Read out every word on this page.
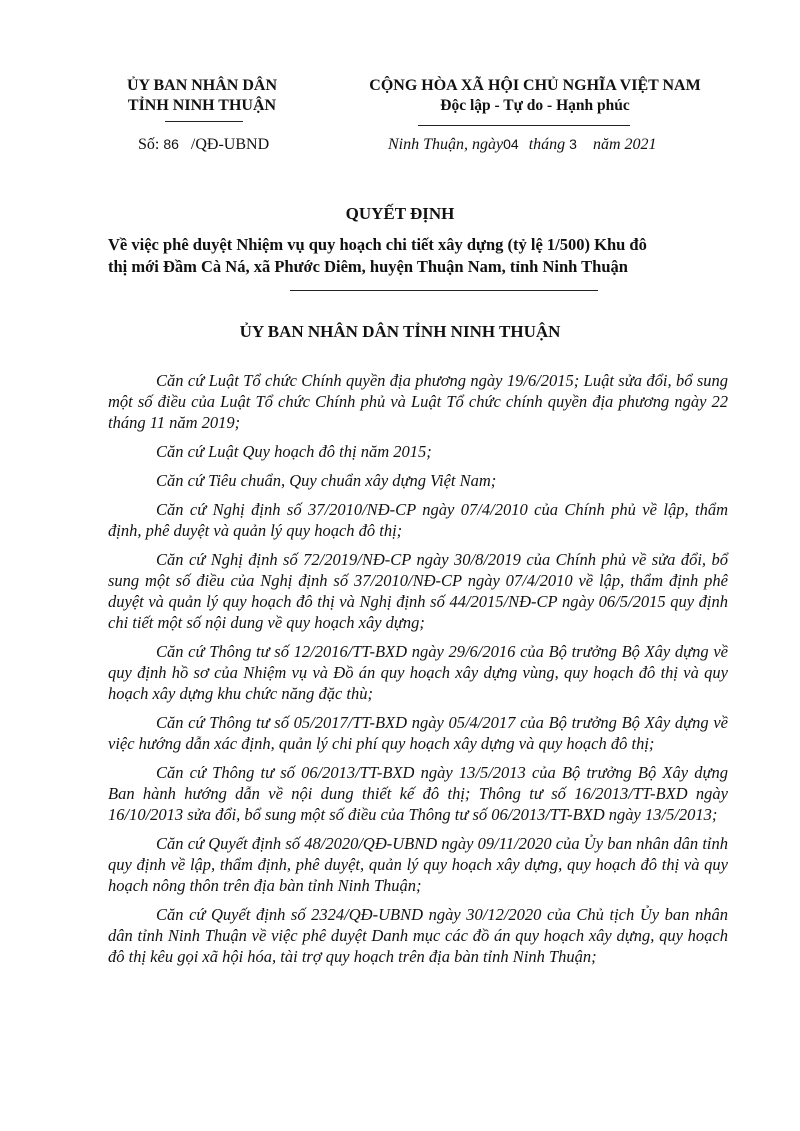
ỦY BAN NHÂN DÂN
TỈNH NINH THUẬN
CỘNG HÒA XÃ HỘI CHỦ NGHĨA VIỆT NAM
Độc lập - Tự do - Hạnh phúc
Số: 86 /QĐ-UBND	Ninh Thuận, ngày04 tháng 3 năm 2021
QUYẾT ĐỊNH
Về việc phê duyệt Nhiệm vụ quy hoạch chi tiết xây dựng (tỷ lệ 1/500) Khu đô
thị mới Đầm Cà Ná, xã Phước Diêm, huyện Thuận Nam, tỉnh Ninh Thuận
ỦY BAN NHÂN DÂN TỈNH NINH THUẬN

Căn cứ Luật Tổ chức Chính quyền địa phương ngày 19/6/2015; Luật sửa đổi, bổ sung một số điều của Luật Tổ chức Chính phủ và Luật Tổ chức chính quyền địa phương ngày 22 tháng 11 năm 2019;

Căn cứ Luật Quy hoạch đô thị năm 2015;

Căn cứ Tiêu chuẩn, Quy chuẩn xây dựng Việt Nam;

Căn cứ Nghị định số 37/2010/NĐ-CP ngày 07/4/2010 của Chính phủ về lập, thẩm định, phê duyệt và quản lý quy hoạch đô thị;

Căn cứ Nghị định số 72/2019/NĐ-CP ngày 30/8/2019 của Chính phủ về sửa đổi, bổ sung một số điều của Nghị định số 37/2010/NĐ-CP ngày 07/4/2010 về lập, thẩm định phê duyệt và quản lý quy hoạch đô thị và Nghị định số 44/2015/NĐ-CP ngày 06/5/2015 quy định chi tiết một số nội dung về quy hoạch xây dựng;

Căn cứ Thông tư số 12/2016/TT-BXD ngày 29/6/2016 của Bộ trưởng Bộ Xây dựng về quy định hồ sơ của Nhiệm vụ và Đồ án quy hoạch xây dựng vùng, quy hoạch đô thị và quy hoạch xây dựng khu chức năng đặc thù;

Căn cứ Thông tư số 05/2017/TT-BXD ngày 05/4/2017 của Bộ trưởng Bộ Xây dựng về việc hướng dẫn xác định, quản lý chi phí quy hoạch xây dựng và quy hoạch đô thị;

Căn cứ Thông tư số 06/2013/TT-BXD ngày 13/5/2013 của Bộ trưởng Bộ Xây dựng Ban hành hướng dẫn về nội dung thiết kế đô thị; Thông tư số 16/2013/TT-BXD ngày 16/10/2013 sửa đổi, bổ sung một số điều của Thông tư số 06/2013/TT-BXD ngày 13/5/2013;

Căn cứ Quyết định số 48/2020/QĐ-UBND ngày 09/11/2020 của Ủy ban nhân dân tỉnh quy định về lập, thẩm định, phê duyệt, quản lý quy hoạch xây dựng, quy hoạch đô thị và quy hoạch nông thôn trên địa bàn tỉnh Ninh Thuận;

Căn cứ Quyết định số 2324/QĐ-UBND ngày 30/12/2020 của Chủ tịch Ủy ban nhân dân tỉnh Ninh Thuận về việc phê duyệt Danh mục các đồ án quy hoạch xây dựng, quy hoạch đô thị kêu gọi xã hội hóa, tài trợ quy hoạch trên địa bàn tỉnh Ninh Thuận;
